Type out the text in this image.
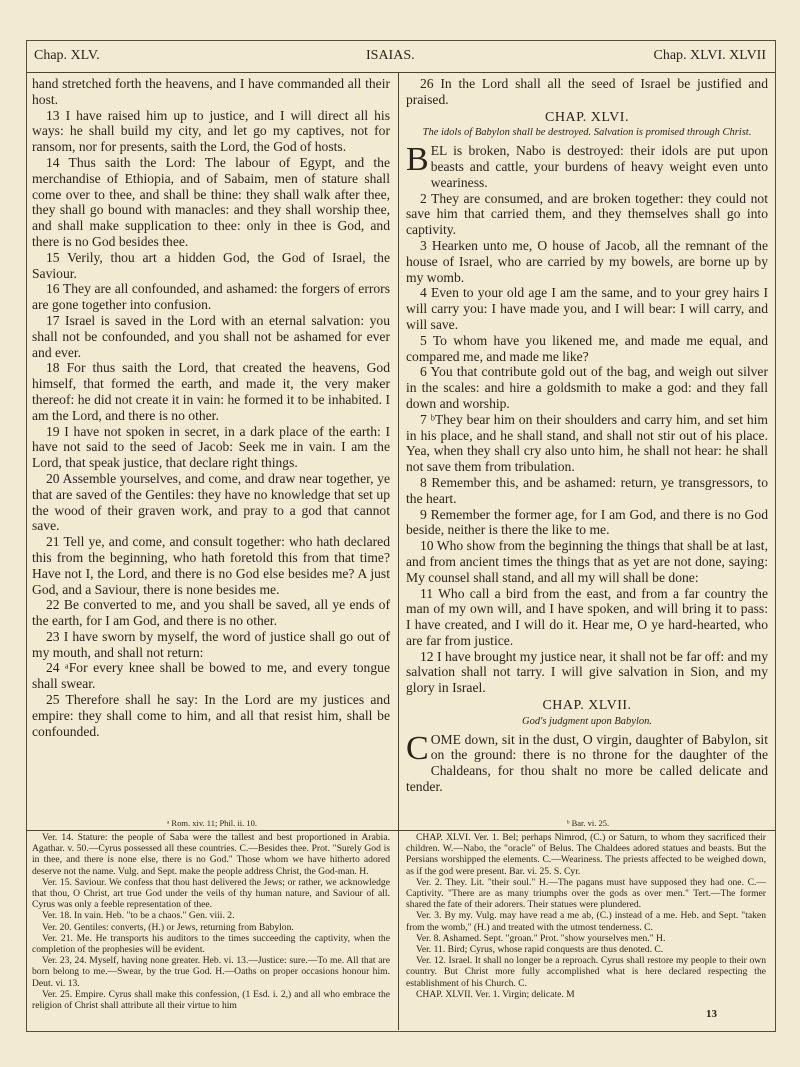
Chap. XLV.	ISAIAS.	Chap. XLVI. XLVII

hand stretched forth the heavens, and I have commanded all their host.

13 I have raised him up to justice, and I will direct all his ways: he shall build my city, and let go my captives, not for ransom, nor for presents, saith the Lord, the God of hosts.

14 Thus saith the Lord: The labour of Egypt, and the merchandise of Ethiopia, and of Sabaim, men of stature shall come over to thee, and shall be thine: they shall walk after thee, they shall go bound with manacles: and they shall worship thee, and shall make supplication to thee: only in thee is God, and there is no God besides thee.

15 Verily, thou art a hidden God, the God of Israel, the Saviour.

16 They are all confounded, and ashamed: the forgers of errors are gone together into confusion.

17 Israel is saved in the Lord with an eternal salvation: you shall not be confounded, and you shall not be ashamed for ever and ever.

18 For thus saith the Lord, that created the heavens, God himself, that formed the earth, and made it, the very maker thereof: he did not create it in vain: he formed it to be inhabited. I am the Lord, and there is no other.

19 I have not spoken in secret, in a dark place of the earth: I have not said to the seed of Jacob: Seek me in vain. I am the Lord, that speak justice, that declare right things.

20 Assemble yourselves, and come, and draw near together, ye that are saved of the Gentiles: they have no knowledge that set up the wood of their graven work, and pray to a god that cannot save.

21 Tell ye, and come, and consult together: who hath declared this from the beginning, who hath foretold this from that time? Have not I, the Lord, and there is no God else besides me? A just God, and a Saviour, there is none besides me.

22 Be converted to me, and you shall be saved, all ye ends of the earth, for I am God, and there is no other.

23 I have sworn by myself, the word of justice shall go out of my mouth, and shall not return:

24 ᵃFor every knee shall be bowed to me, and every tongue shall swear.

25 Therefore shall he say: In the Lord are my justices and empire: they shall come to him, and all that resist him, shall be confounded.

26 In the Lord shall all the seed of Israel be justified and praised.

CHAP. XLVI.
The idols of Babylon shall be destroyed. Salvation is promised through Christ.

BEL is broken, Nabo is destroyed: their idols are put upon beasts and cattle, your burdens of heavy weight even unto weariness.

2 They are consumed, and are broken together: they could not save him that carried them, and they themselves shall go into captivity.

3 Hearken unto me, O house of Jacob, all the remnant of the house of Israel, who are carried by my bowels, are borne up by my womb.

4 Even to your old age I am the same, and to your grey hairs I will carry you: I have made you, and I will bear: I will carry, and will save.

5 To whom have you likened me, and made me equal, and compared me, and made me like?

6 You that contribute gold out of the bag, and weigh out silver in the scales: and hire a goldsmith to make a god: and they fall down and worship.

7 ᵇThey bear him on their shoulders and carry him, and set him in his place, and he shall stand, and shall not stir out of his place. Yea, when they shall cry also unto him, he shall not hear: he shall not save them from tribulation.

8 Remember this, and be ashamed: return, ye transgressors, to the heart.

9 Remember the former age, for I am God, and there is no God beside, neither is there the like to me.

10 Who show from the beginning the things that shall be at last, and from ancient times the things that as yet are not done, saying: My counsel shall stand, and all my will shall be done:

11 Who call a bird from the east, and from a far country the man of my own will, and I have spoken, and will bring it to pass: I have created, and I will do it. Hear me, O ye hard-hearted, who are far from justice.

12 I have brought my justice near, it shall not be far off: and my salvation shall not tarry. I will give salvation in Sion, and my glory in Israel.

CHAP. XLVII.
God's judgment upon Babylon.

COME down, sit in the dust, O virgin, daughter of Babylon, sit on the ground: there is no throne for the daughter of the Chaldeans, for thou shalt no more be called delicate and tender.

ᵃ Rom. xiv. 11; Phil. ii. 10.	ᵇ Bar. vi. 25.

Ver. 14. Stature: the people of Saba were the tallest and best proportioned in Arabia. Agathar. v. 50.—Cyrus possessed all these countries. C.—Besides thee. Prot. "Surely God is in thee, and there is none else, there is no God." Those whom we have hitherto adored deserve not the name. Vulg. and Sept. make the people address Christ, the God-man. H.

Ver. 15. Saviour. We confess that thou hast delivered the Jews; or rather, we acknowledge that thou, O Christ, art true God under the veils of thy human nature, and Saviour of all. Cyrus was only a feeble representation of thee.

Ver. 18. In vain. Heb. "to be a chaos." Gen. viii. 2.

Ver. 20. Gentiles: converts, (H.) or Jews, returning from Babylon.

Ver. 21. Me. He transports his auditors to the times succeeding the captivity, when the completion of the prophesies will be evident.

Ver. 23, 24. Myself, having none greater. Heb. vi. 13.—Justice: sure.—To me. All that are born belong to me.—Swear, by the true God. H.—Oaths on proper occasions honour him. Deut. vi. 13.

Ver. 25. Empire. Cyrus shall make this confession, (1 Esd. i. 2,) and all who embrace the religion of Christ shall attribute all their virtue to him

CHAP. XLVI. Ver. 1. Bel; perhaps Nimrod, (C.) or Saturn, to whom they sacrificed their children. W.—Nabo, the "oracle" of Belus. The Chaldees adored statues and beasts. But the Persians worshipped the elements. C.—Weariness. The priests affected to be weighed down, as if the god were present. Bar. vi. 25. S. Cyr.

Ver. 2. They. Lit. "their soul." H.—The pagans must have supposed they had one. C.—Captivity. "There are as many triumphs over the gods as over men." Tert.—The former shared the fate of their adorers. Their statues were plundered.

Ver. 3. By my. Vulg. may have read a me ab, (C.) instead of a me. Heb. and Sept. "taken from the womb," (H.) and treated with the utmost tenderness. C.

Ver. 8. Ashamed. Sept. "groan." Prot. "show yourselves men." H.

Ver. 11. Bird; Cyrus, whose rapid conquests are thus denoted. C.

Ver. 12. Israel. It shall no longer be a reproach. Cyrus shall restore my people to their own country. But Christ more fully accomplished what is here declared respecting the establishment of his Church. C.

CHAP. XLVII. Ver. 1. Virgin; delicate. M

13
